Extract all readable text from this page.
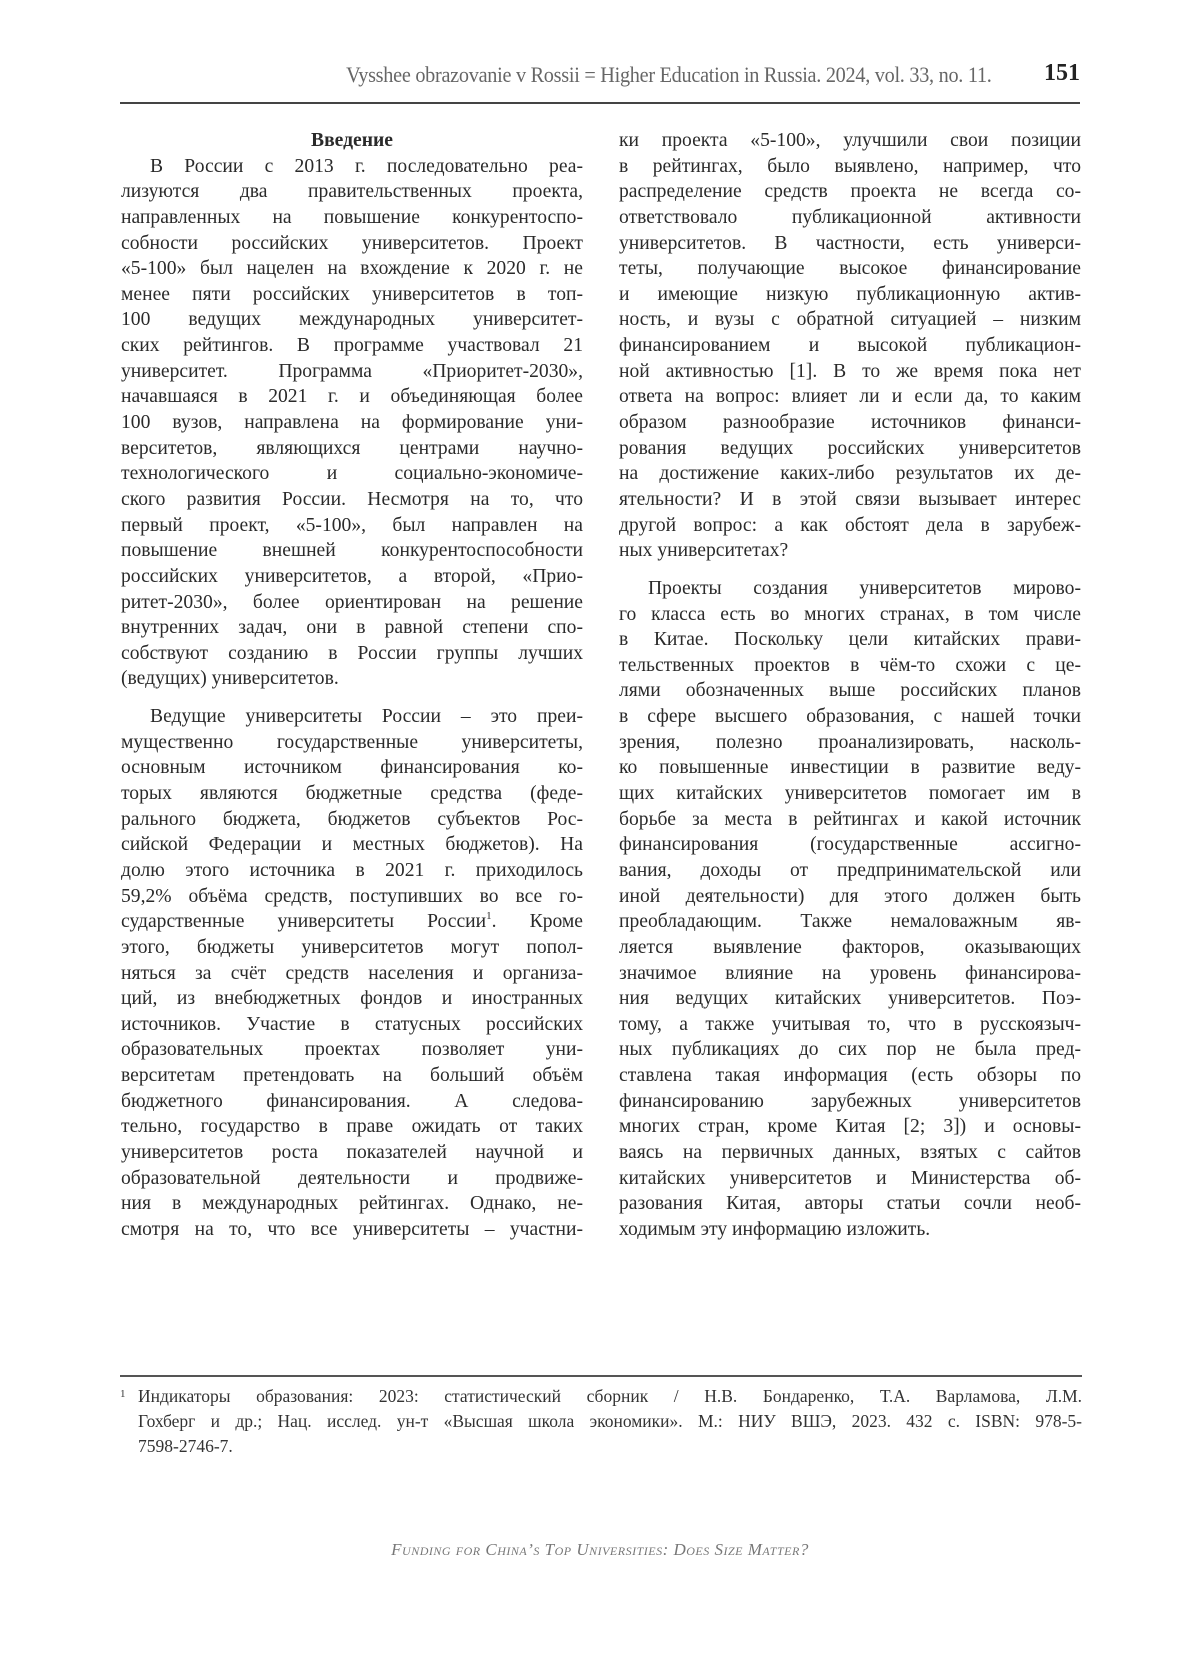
Vysshee obrazovanie v Rossii = Higher Education in Russia. 2024, vol. 33, no. 11. 151
Введение
В России с 2013 г. последовательно реа-
лизуются два правительственных проекта,
направленных на повышение конкурентоспо-
собности российских университетов. Проект
«5-100» был нацелен на вхождение к 2020 г. не
менее пяти российских университетов в топ-
100 ведущих международных университет-
ских рейтингов. В программе участвовал 21
университет. Программа «Приоритет-2030»,
начавшаяся в 2021 г. и объединяющая более
100 вузов, направлена на формирование уни-
верситетов, являющихся центрами научно-
технологического и социально-экономиче-
ского развития России. Несмотря на то, что
первый проект, «5-100», был направлен на
повышение внешней конкурентоспособности
российских университетов, а второй, «Прио-
ритет-2030», более ориентирован на решение
внутренних задач, они в равной степени спо-
собствуют созданию в России группы лучших
(ведущих) университетов.
Ведущие университеты России – это преи-
мущественно государственные университеты,
основным источником финансирования ко-
торых являются бюджетные средства (феде-
рального бюджета, бюджетов субъектов Рос-
сийской Федерации и местных бюджетов). На
долю этого источника в 2021 г. приходилось
59,2% объёма средств, поступивших во все го-
сударственные университеты России$^1$. Кроме
этого, бюджеты университетов могут попол-
няться за счёт средств населения и организа-
ций, из внебюджетных фондов и иностранных
источников. Участие в статусных российских
образовательных проектах позволяет уни-
верситетам претендовать на больший объём
бюджетного финансирования. А следова-
тельно, государство в праве ожидать от таких
университетов роста показателей научной и
образовательной деятельности и продвиже-
ния в международных рейтингах. Однако, не-
смотря на то, что все университеты – участни-
ки проекта «5-100», улучшили свои позиции
в рейтингах, было выявлено, например, что
распределение средств проекта не всегда со-
ответствовало публикационной активности
университетов. В частности, есть универси-
теты, получающие высокое финансирование
и имеющие низкую публикационную актив-
ность, и вузы с обратной ситуацией – низким
финансированием и высокой публикацион-
ной активностью [1]. В то же время пока нет
ответа на вопрос: влияет ли и если да, то каким
образом разнообразие источников финанси-
рования ведущих российских университетов
на достижение каких-либо результатов их де-
ятельности? И в этой связи вызывает интерес
другой вопрос: а как обстоят дела в зарубеж-
ных университетах?
Проекты создания университетов мирово-
го класса есть во многих странах, в том числе
в Китае. Поскольку цели китайских прави-
тельственных проектов в чём-то схожи с це-
лями обозначенных выше российских планов
в сфере высшего образования, с нашей точки
зрения, полезно проанализировать, насколь-
ко повышенные инвестиции в развитие веду-
щих китайских университетов помогает им в
борьбе за места в рейтингах и какой источник
финансирования (государственные ассигно-
вания, доходы от предпринимательской или
иной деятельности) для этого должен быть
преобладающим. Также немаловажным яв-
ляется выявление факторов, оказывающих
значимое влияние на уровень финансирова-
ния ведущих китайских университетов. Поэ-
тому, а также учитывая то, что в русскоязыч-
ных публикациях до сих пор не была пред-
ставлена такая информация (есть обзоры по
финансированию зарубежных университетов
многих стран, кроме Китая [2; 3]) и основы-
ваясь на первичных данных, взятых с сайтов
китайских университетов и Министерства об-
разования Китая, авторы статьи сочли необ-
ходимым эту информацию изложить.
1 Индикаторы образования: 2023: статистический сборник / Н.В. Бондаренко, Т.А. Варламова, Л.М.
Гохберг и др.; Нац. исслед. ун-т «Высшая школа экономики». М.: НИУ ВШЭ, 2023. 432 с. ISBN: 978-5-
7598-2746-7.
Funding for China’s Top Universities: Does Size Matter?
